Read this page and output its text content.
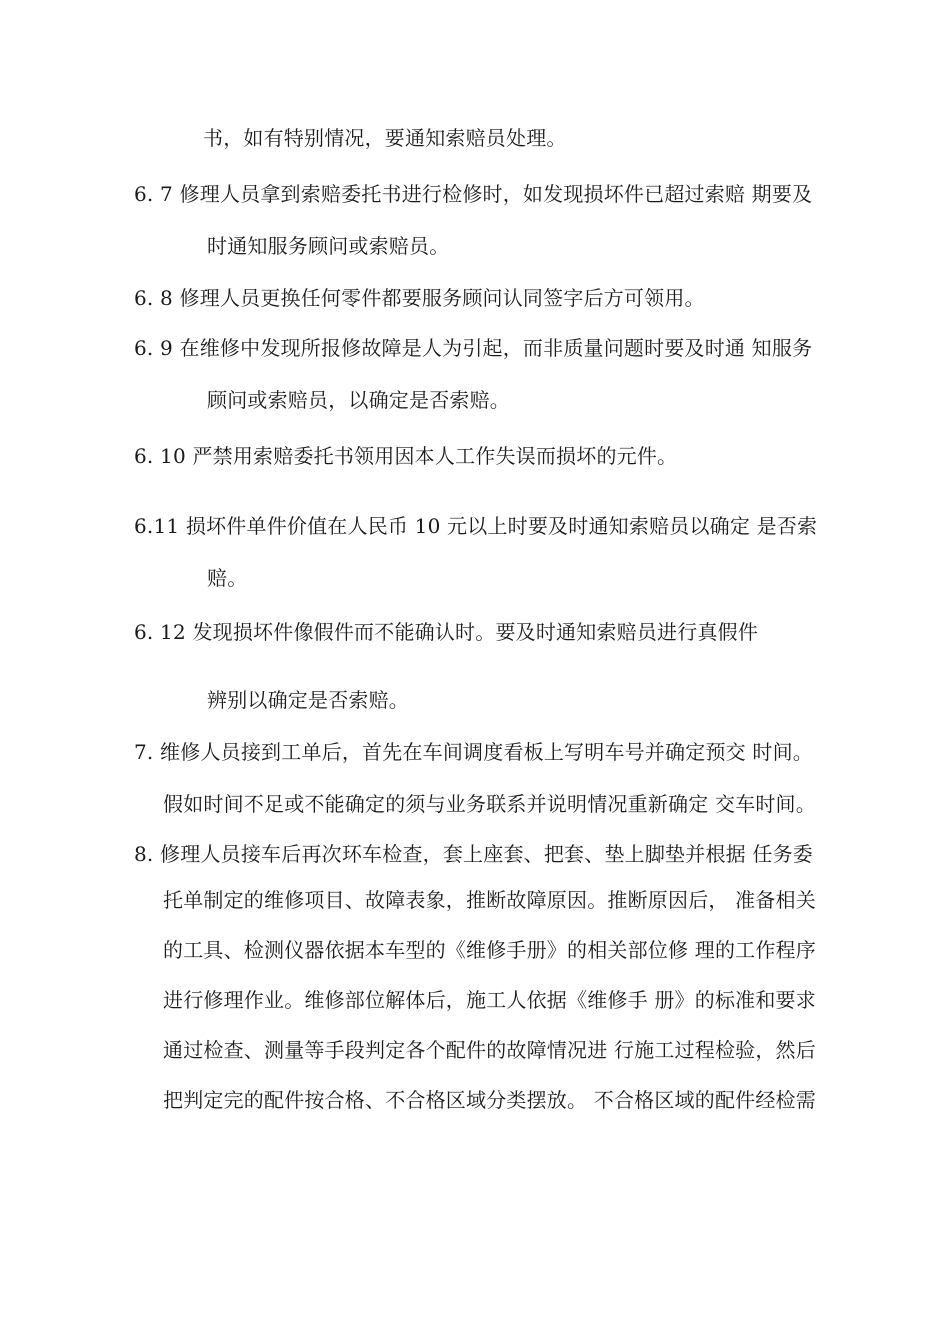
书，如有特别情况，要通知索赔员处理。
6. 7 修理人员拿到索赔委托书进行检修时，如发现损坏件已超过索赔 期要及
时通知服务顾问或索赔员。
6. 8 修理人员更换任何零件都要服务顾问认同签字后方可领用。
6. 9 在维修中发现所报修故障是人为引起，而非质量问题时要及时通 知服务
顾问或索赔员，以确定是否索赔。
6. 10 严禁用索赔委托书领用因本人工作失误而损坏的元件。
6.11 损坏件单件价值在人民币 10 元以上时要及时通知索赔员以确定 是否索
赔。
6. 12 发现损坏件像假件而不能确认时。要及时通知索赔员进行真假件
辨别以确定是否索赔。
7. 维修人员接到工单后，首先在车间调度看板上写明车号并确定预交 时间。
假如时间不足或不能确定的须与业务联系并说明情况重新确定 交车时间。
8. 修理人员接车后再次环车检查，套上座套、把套、垫上脚垫并根据 任务委
托单制定的维修项目、故障表象，推断故障原因。推断原因后， 准备相关
的工具、检测仪器依据本车型的《维修手册》的相关部位修 理的工作程序
进行修理作业。维修部位解体后，施工人依据《维修手 册》的标准和要求
通过检查、测量等手段判定各个配件的故障情况进 行施工过程检验，然后
把判定完的配件按合格、不合格区域分类摆放。 不合格区域的配件经检需
